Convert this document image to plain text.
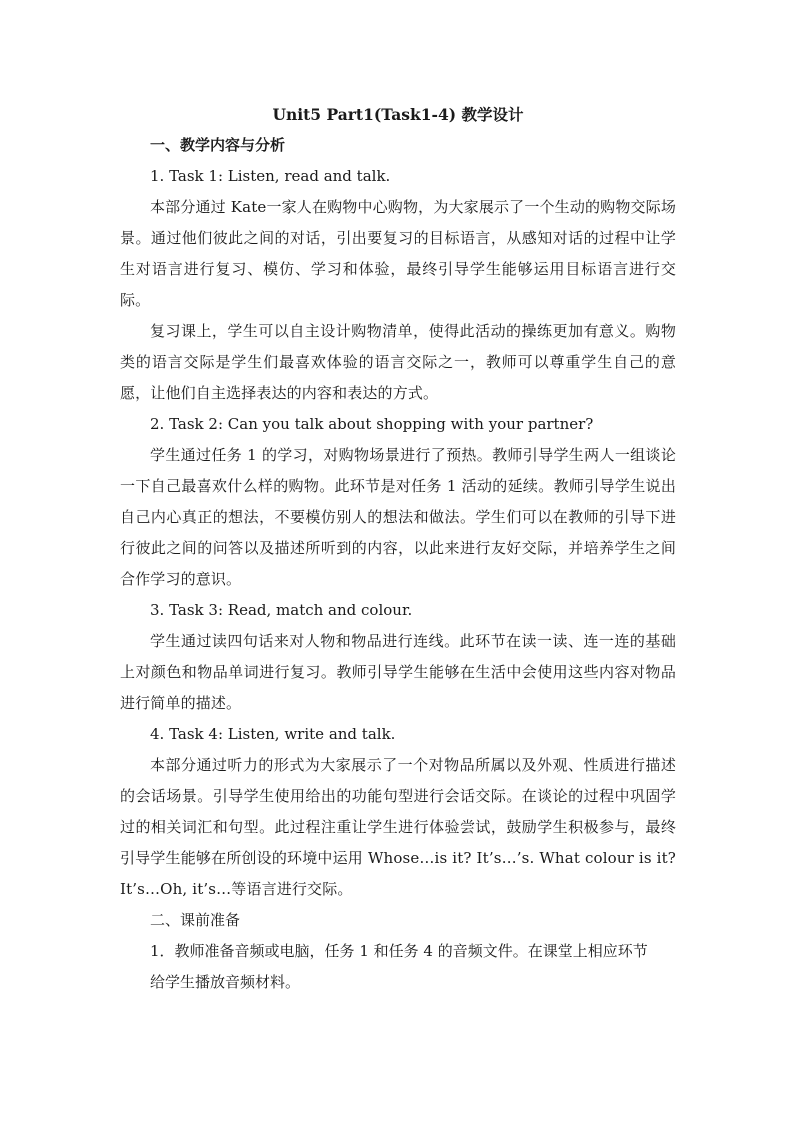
Unit5 Part1(Task1-4) 教学设计

一、教学内容与分析

1. Task 1: Listen, read and talk.

本部分通过 Kate一家人在购物中心购物，为大家展示了一个生动的购物交际场景。通过他们彼此之间的对话，引出要复习的目标语言，从感知对话的过程中让学生对语言进行复习、模仿、学习和体验，最终引导学生能够运用目标语言进行交际。

复习课上，学生可以自主设计购物清单，使得此活动的操练更加有意义。购物类的语言交际是学生们最喜欢体验的语言交际之一，教师可以尊重学生自己的意愿，让他们自主选择表达的内容和表达的方式。

2. Task 2: Can you talk about shopping with your partner?

学生通过任务 1 的学习，对购物场景进行了预热。教师引导学生两人一组谈论一下自己最喜欢什么样的购物。此环节是对任务 1 活动的延续。教师引导学生说出自己内心真正的想法，不要模仿别人的想法和做法。学生们可以在教师的引导下进行彼此之间的问答以及描述所听到的内容，以此来进行友好交际，并培养学生之间合作学习的意识。

3. Task 3: Read, match and colour.

学生通过读四句话来对人物和物品进行连线。此环节在读一读、连一连的基础上对颜色和物品单词进行复习。教师引导学生能够在生活中会使用这些内容对物品进行简单的描述。

4. Task 4: Listen, write and talk.

本部分通过听力的形式为大家展示了一个对物品所属以及外观、性质进行描述的会话场景。引导学生使用给出的功能句型进行会话交际。在谈论的过程中巩固学过的相关词汇和句型。此过程注重让学生进行体验尝试，鼓励学生积极参与，最终引导学生能够在所创设的环境中运用 Whose…is it? It’s…’s. What colour is it? It’s…Oh, it’s…等语言进行交际。

二、课前准备

1．教师准备音频或电脑，任务 1 和任务 4 的音频文件。在课堂上相应环节
给学生播放音频材料。
